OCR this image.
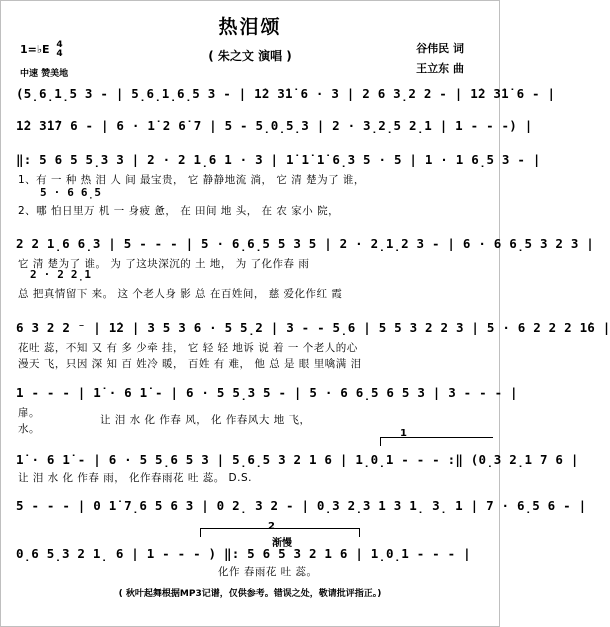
热泪颂
( 朱之文 演唱 )
1=♭E 4
4
中速 赞美地
谷伟民 词
王立东 曲
(5̣6̣1̣5 3 - | 5̣6̣1̣6̣5 3 - | 1̇2 3̇1̇ 6 · 3 | 2 6 3̣2 2 - | 1̇2 3̇1̇ 6 - |
1̇2 3̇1̇7 6 - | 6 · 1̇ 2 6̇ 7 | 5 - 5̣0̣5̣3 | 2 · 3̣2̣5 2̣1 | 1 - - -) |
‖: 5 6 5 5̣3 3 | 2 · 2 1̣6 1 · 3 | 1̇ 1̇ 1̇ 6̣3 5 · 5 | 1 · 1 6̣5 3 - |
1、有 一 种 热 泪 人 间 最宝贵， 它 静静地流 淌， 它 清 楚为了 谁，
5 · 6 6̣5
2、哪 怕日里万 机 一 身疲 惫， 在 田间 地 头， 在 农 家小 院，
2 2 1̣6 6̣3 | 5 - - - | 5 · 6̣6̣5 5 3 5 | 2 · 2̣1̣2 3 - | 6 · 6 6̣5 3 2 3 |
它 清 楚为了 谁。 为 了这块深沉的 土 地， 为 了化作春 雨
2 · 2 2̣1
总 把真情留下 来。 这 个老人身 影 总 在百姓间， 慈 爱化作红 霞
6 3 2 2 ⁻ | 1̇2 | 3 5 3 6 · 5 5̣2 | 3 - - 5̣6 | 5 5 3 2 2 3 | 5 · 6 2 2 2 1̇6 |
花吐 蕊，不知 又 有 多 少牵 挂， 它 轻 轻 地诉 说 着 一 个老人的心
漫天 飞，只因 深 知 百 姓冷 暖， 百姓 有 难， 他 总 是 眼 里噙满 泪
1 - - - | 1̇ · 6 1̇ - | 6 · 5 5̣3 5 - | 5 · 6 6̣5 6 5 3 | 3 - - - |
扉。
水。
让 泪 水 化 作春 风， 化 作春风大 地 飞，
1
1̇ · 6 1̇ - | 6 · 5 5̣6 5 3 | 5̣6̣5 3 2 1 6 | 1̣0̣1 - - - :‖ (0̣3 2̣1 7 6 |
让 泪 水 化 作春 雨， 化作春雨花 吐 蕊。 D.S.
2
5 - - - | 0 1̇ 7̣6 5 6 3 | 0 2̣ 3 2 - | 0̣3 2̣3 1 3 1̣ 3̣ 1 | 7 · 6̣5 6 - |
渐慢
0̣6 5̣3 2 1̣ 6 | 1 - - - ) ‖: 5 6 5 3 2 1 6 | 1̣0̣1 - - - |
化作 春雨花 吐 蕊。
( 秋叶起舞根据MP3记谱，仅供参考。错误之处，敬请批评指正。)
